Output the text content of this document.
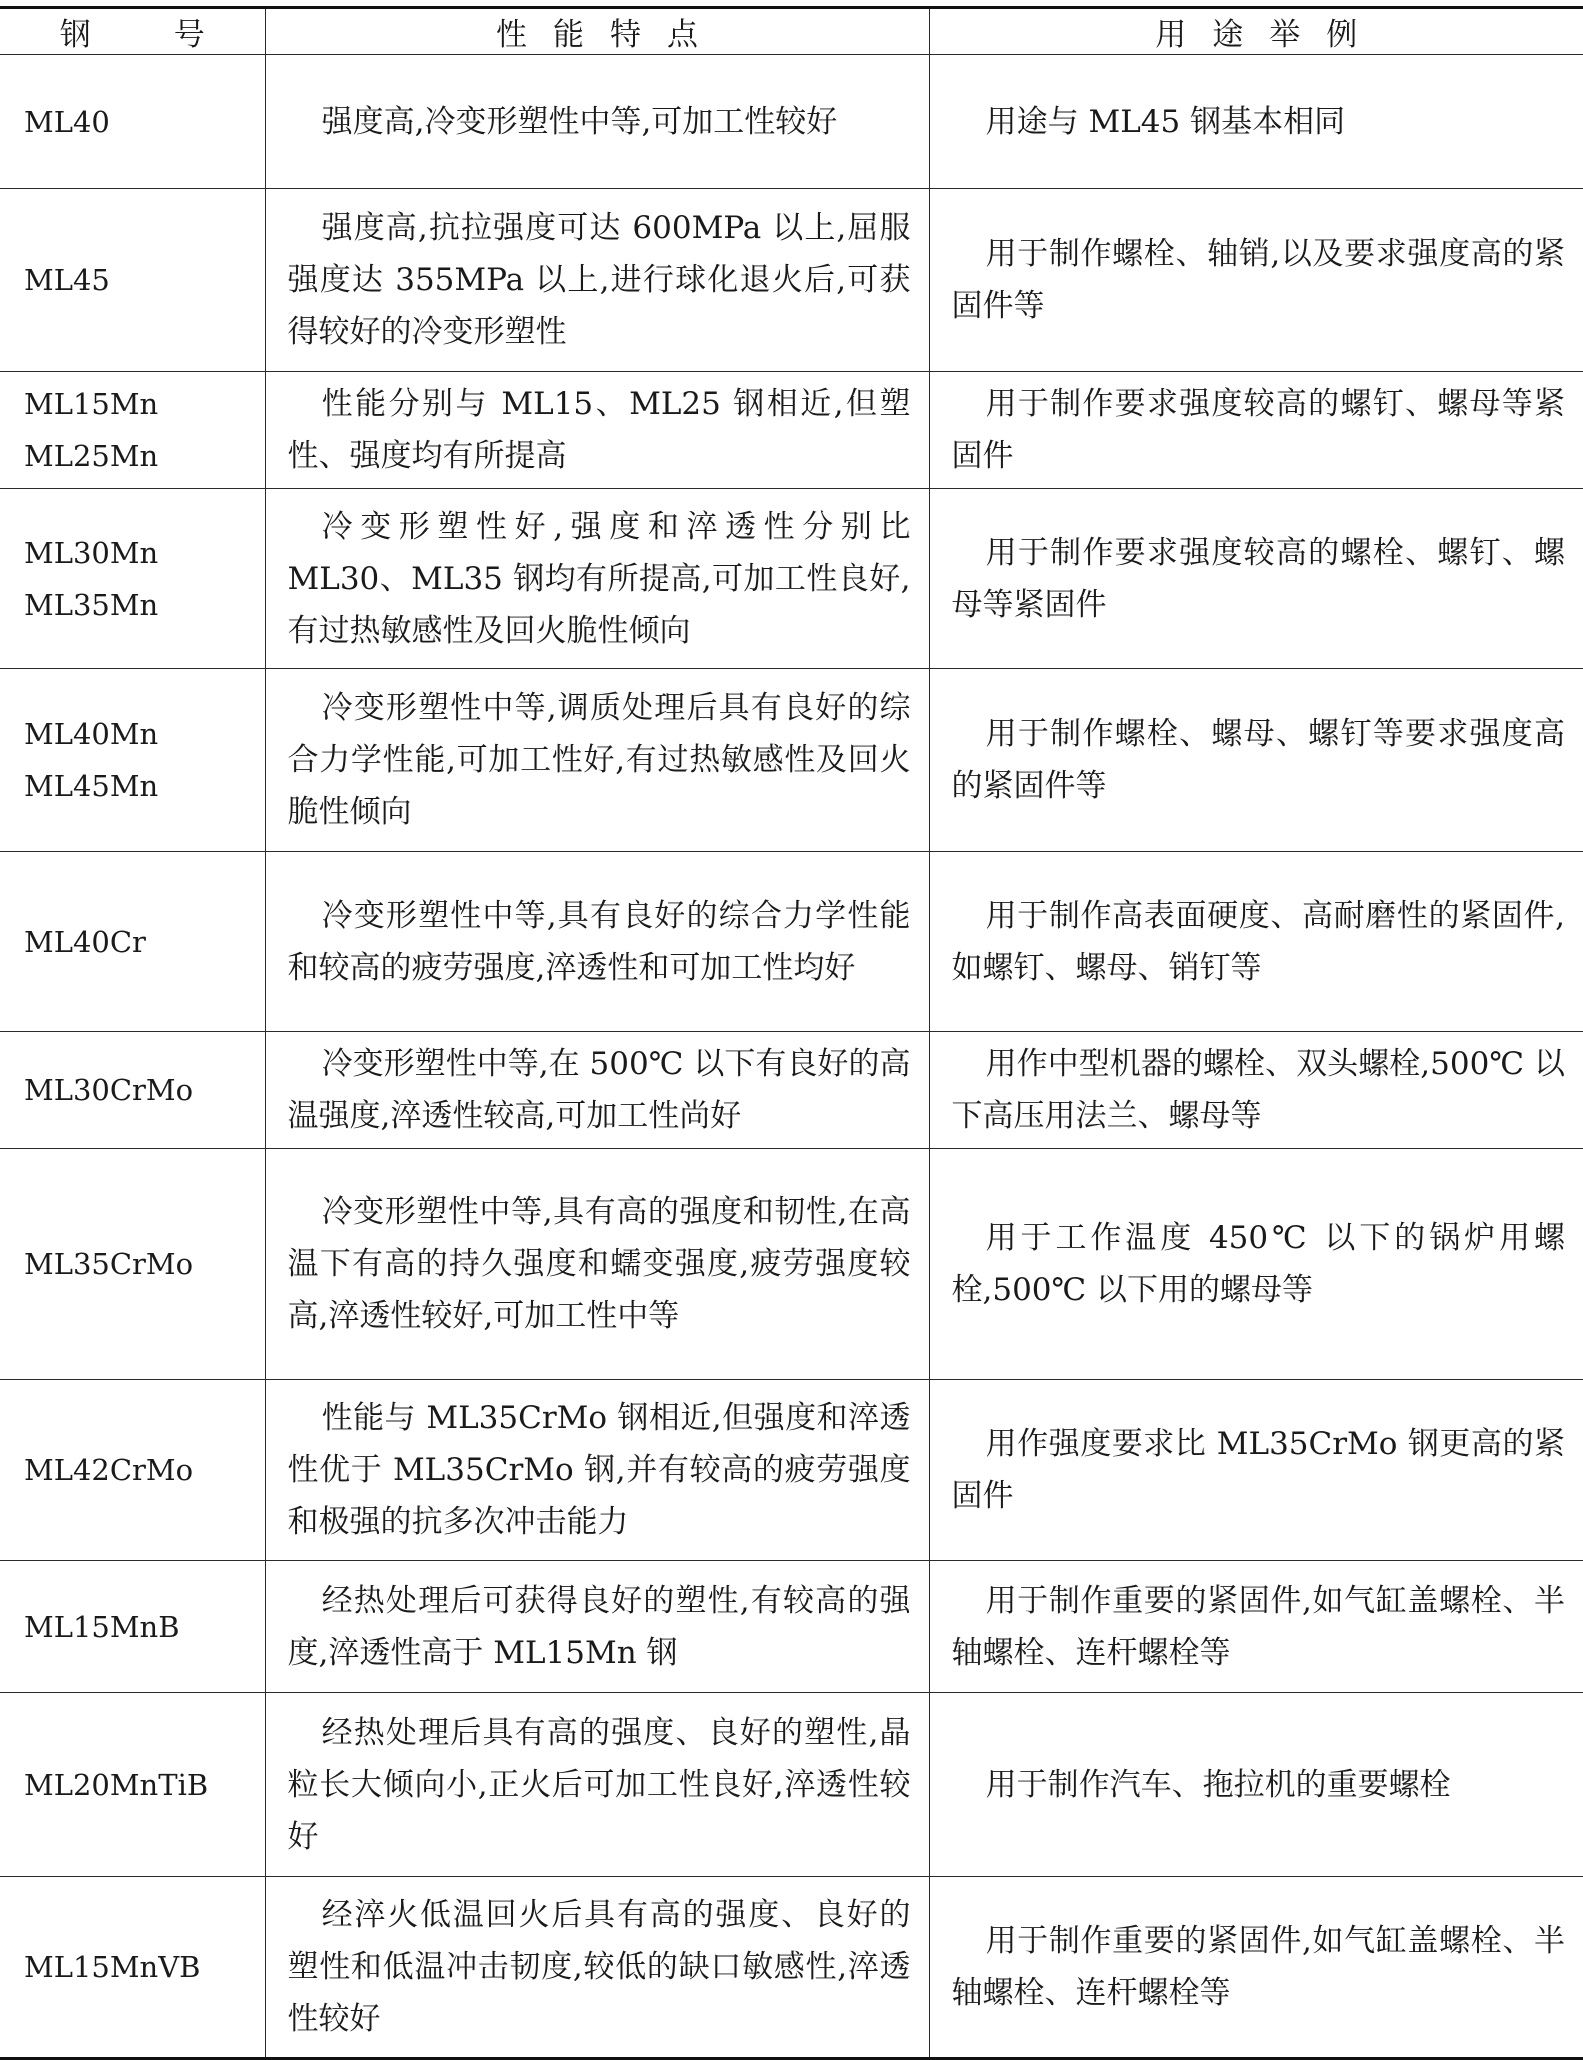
钢　号	性能特点	用途举例
ML40	强度高,冷变形塑性中等,可加工性较好	用途与 ML45 钢基本相同

ML45	强度高,抗拉强度可达 600MPa 以上,屈服强度达 355MPa 以上,进行球化退火后,可获得较好的冷变形塑性	用于制作螺栓、轴销,以及要求强度高的紧固件等

ML15Mn
ML25Mn	性能分别与 ML15、ML25 钢相近,但塑性、强度均有所提高	用于制作要求强度较高的螺钉、螺母等紧固件

ML30Mn
ML35Mn	冷变形塑性好,强度和淬透性分别比 ML30、ML35 钢均有所提高,可加工性良好,有过热敏感性及回火脆性倾向	用于制作要求强度较高的螺栓、螺钉、螺母等紧固件

ML40Mn
ML45Mn	冷变形塑性中等,调质处理后具有良好的综合力学性能,可加工性好,有过热敏感性及回火脆性倾向	用于制作螺栓、螺母、螺钉等要求强度高的紧固件等

ML40Cr	冷变形塑性中等,具有良好的综合力学性能和较高的疲劳强度,淬透性和可加工性均好	用于制作高表面硬度、高耐磨性的紧固件,如螺钉、螺母、销钉等

ML30CrMo	冷变形塑性中等,在 500℃ 以下有良好的高温强度,淬透性较高,可加工性尚好	用作中型机器的螺栓、双头螺栓,500℃ 以下高压用法兰、螺母等

ML35CrMo	冷变形塑性中等,具有高的强度和韧性,在高温下有高的持久强度和蠕变强度,疲劳强度较高,淬透性较好,可加工性中等	用于工作温度 450℃ 以下的锅炉用螺栓,500℃ 以下用的螺母等

ML42CrMo	性能与 ML35CrMo 钢相近,但强度和淬透性优于 ML35CrMo 钢,并有较高的疲劳强度和极强的抗多次冲击能力	用作强度要求比 ML35CrMo 钢更高的紧固件

ML15MnB	经热处理后可获得良好的塑性,有较高的强度,淬透性高于 ML15Mn 钢	用于制作重要的紧固件,如气缸盖螺栓、半轴螺栓、连杆螺栓等

ML20MnTiB	经热处理后具有高的强度、良好的塑性,晶粒长大倾向小,正火后可加工性良好,淬透性较好	用于制作汽车、拖拉机的重要螺栓

ML15MnVB	经淬火低温回火后具有高的强度、良好的塑性和低温冲击韧度,较低的缺口敏感性,淬透性较好	用于制作重要的紧固件,如气缸盖螺栓、半轴螺栓、连杆螺栓等
